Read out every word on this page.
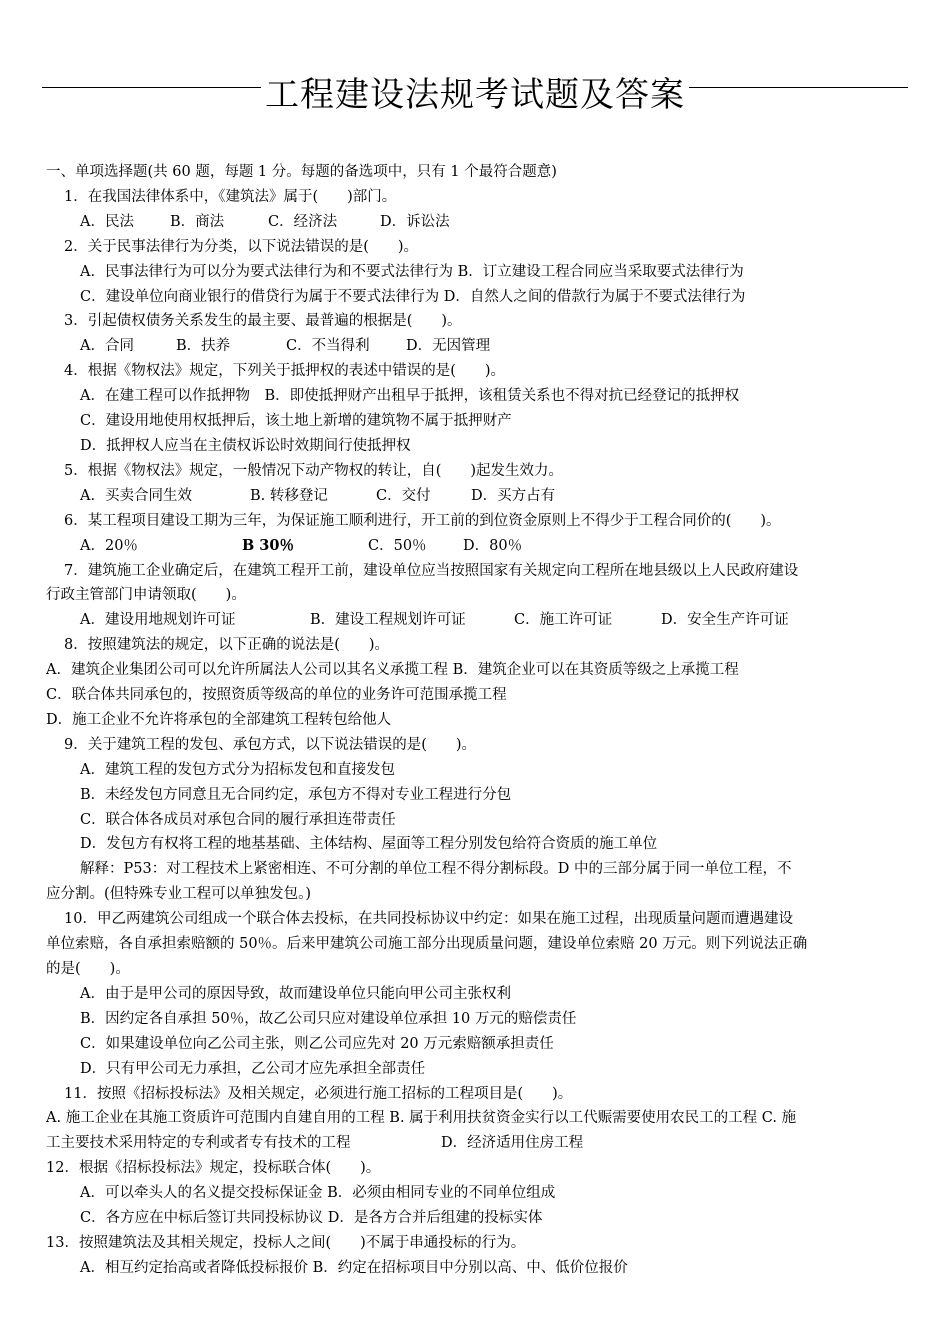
工程建设法规考试题及答案
一、单项选择题(共 60 题，每题 1 分。每题的备选项中，只有 1 个最符合题意)
1．在我国法律体系中，《建筑法》属于(　　)部门。
A．民法 B．商法	C．经济法	D．诉讼法
2．关于民事法律行为分类，以下说法错误的是(　　)。
A．民事法律行为可以分为要式法律行为和不要式法律行为 B．订立建设工程合同应当采取要式法律行为
C．建设单位向商业银行的借贷行为属于不要式法律行为 D．自然人之间的借款行为属于不要式法律行为
3．引起债权债务关系发生的最主要、最普遍的根据是(　　)。
A．合同	B．扶养	C．不当得利	D．无因管理
4．根据《物权法》规定，下列关于抵押权的表述中错误的是(　　)。
A．在建工程可以作抵押物　B．即使抵押财产出租早于抵押，该租赁关系也不得对抗已经登记的抵押权
C．建设用地使用权抵押后，该土地上新增的建筑物不属于抵押财产
D．抵押权人应当在主债权诉讼时效期间行使抵押权
5．根据《物权法》规定，一般情况下动产物权的转让，自(　　)起发生效力。
A．买卖合同生效	B. 转移登记	C．交付	D．买方占有
6．某工程项目建设工期为三年，为保证施工顺利进行，开工前的到位资金原则上不得少于工程合同价的(　　)。
A．20％	B 30％	C．50％	D．80％
7．建筑施工企业确定后，在建筑工程开工前，建设单位应当按照国家有关规定向工程所在地县级以上人民政府建设
行政主管部门申请领取(　　)。
A．建设用地规划许可证	B．建设工程规划许可证	C．施工许可证	D．安全生产许可证
8．按照建筑法的规定，以下正确的说法是(　　)。
A．建筑企业集团公司可以允许所属法人公司以其名义承揽工程 B．建筑企业可以在其资质等级之上承揽工程
C．联合体共同承包的，按照资质等级高的单位的业务许可范围承揽工程
D．施工企业不允许将承包的全部建筑工程转包给他人
9．关于建筑工程的发包、承包方式，以下说法错误的是(　　)。
A．建筑工程的发包方式分为招标发包和直接发包
B．未经发包方同意且无合同约定，承包方不得对专业工程进行分包
C．联合体各成员对承包合同的履行承担连带责任
D．发包方有权将工程的地基基础、主体结构、屋面等工程分别发包给符合资质的施工单位
解释：P53：对工程技术上紧密相连、不可分割的单位工程不得分割标段。D 中的三部分属于同一单位工程，不
应分割。(但特殊专业工程可以单独发包。)
10．甲乙两建筑公司组成一个联合体去投标，在共同投标协议中约定：如果在施工过程，出现质量问题而遭遇建设
单位索赔，各自承担索赔额的 50％。后来甲建筑公司施工部分出现质量问题，建设单位索赔 20 万元。则下列说法正确
的是(　　)。
A．由于是甲公司的原因导致，故而建设单位只能向甲公司主张权利
B．因约定各自承担 50％，故乙公司只应对建设单位承担 10 万元的赔偿责任
C．如果建设单位向乙公司主张，则乙公司应先对 20 万元索赔额承担责任
D．只有甲公司无力承担，乙公司才应先承担全部责任
11．按照《招标投标法》及相关规定，必须进行施工招标的工程项目是(　　)。
A. 施工企业在其施工资质许可范围内自建自用的工程 B. 属于利用扶贫资金实行以工代赈需要使用农民工的工程 C. 施
工主要技术采用特定的专利或者专有技术的工程	D．经济适用住房工程
12．根据《招标投标法》规定，投标联合体(　　)。
A．可以牵头人的名义提交投标保证金 B．必须由相同专业的不同单位组成
C．各方应在中标后签订共同投标协议 D．是各方合并后组建的投标实体
13．按照建筑法及其相关规定，投标人之间(　　)不属于串通投标的行为。
A．相互约定抬高或者降低投标报价 B．约定在招标项目中分别以高、中、低价位报价
